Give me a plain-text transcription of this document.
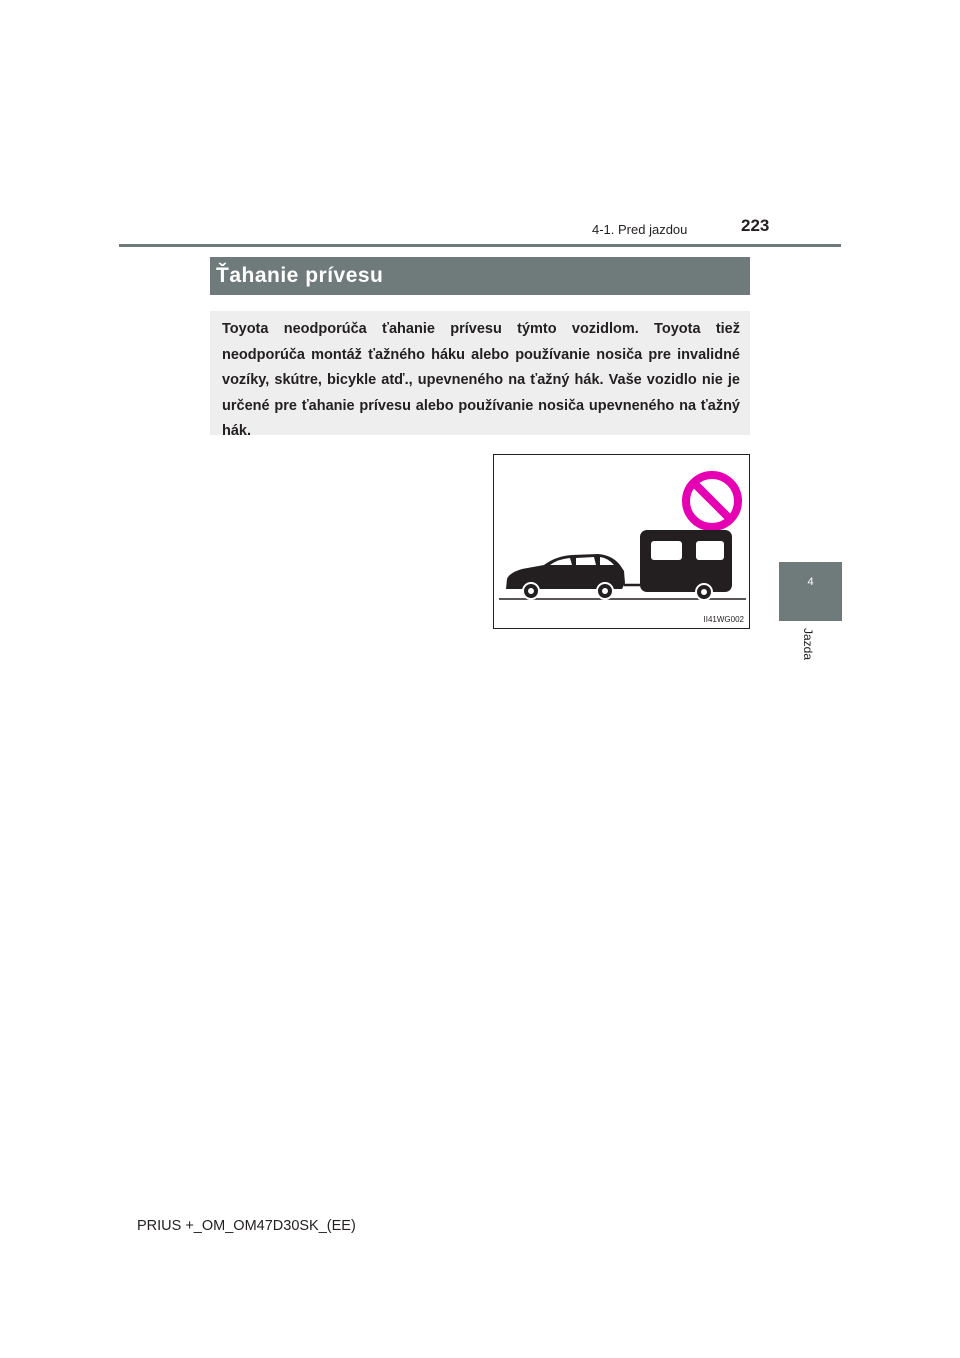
4-1. Pred jazdou	223
4
Jazda
Ťahanie prívesu
Toyota neodporúča ťahanie prívesu týmto vozidlom. Toyota tiež neodporúča montáž ťažného háku alebo používanie nosiča pre invalidné vozíky, skútre, bicykle atď., upevneného na ťažný hák. Vaše vozidlo nie je určené pre ťahanie prívesu alebo používanie nosiča upevneného na ťažný hák.
II41WG002
PRIUS +_OM_OM47D30SK_(EE)
